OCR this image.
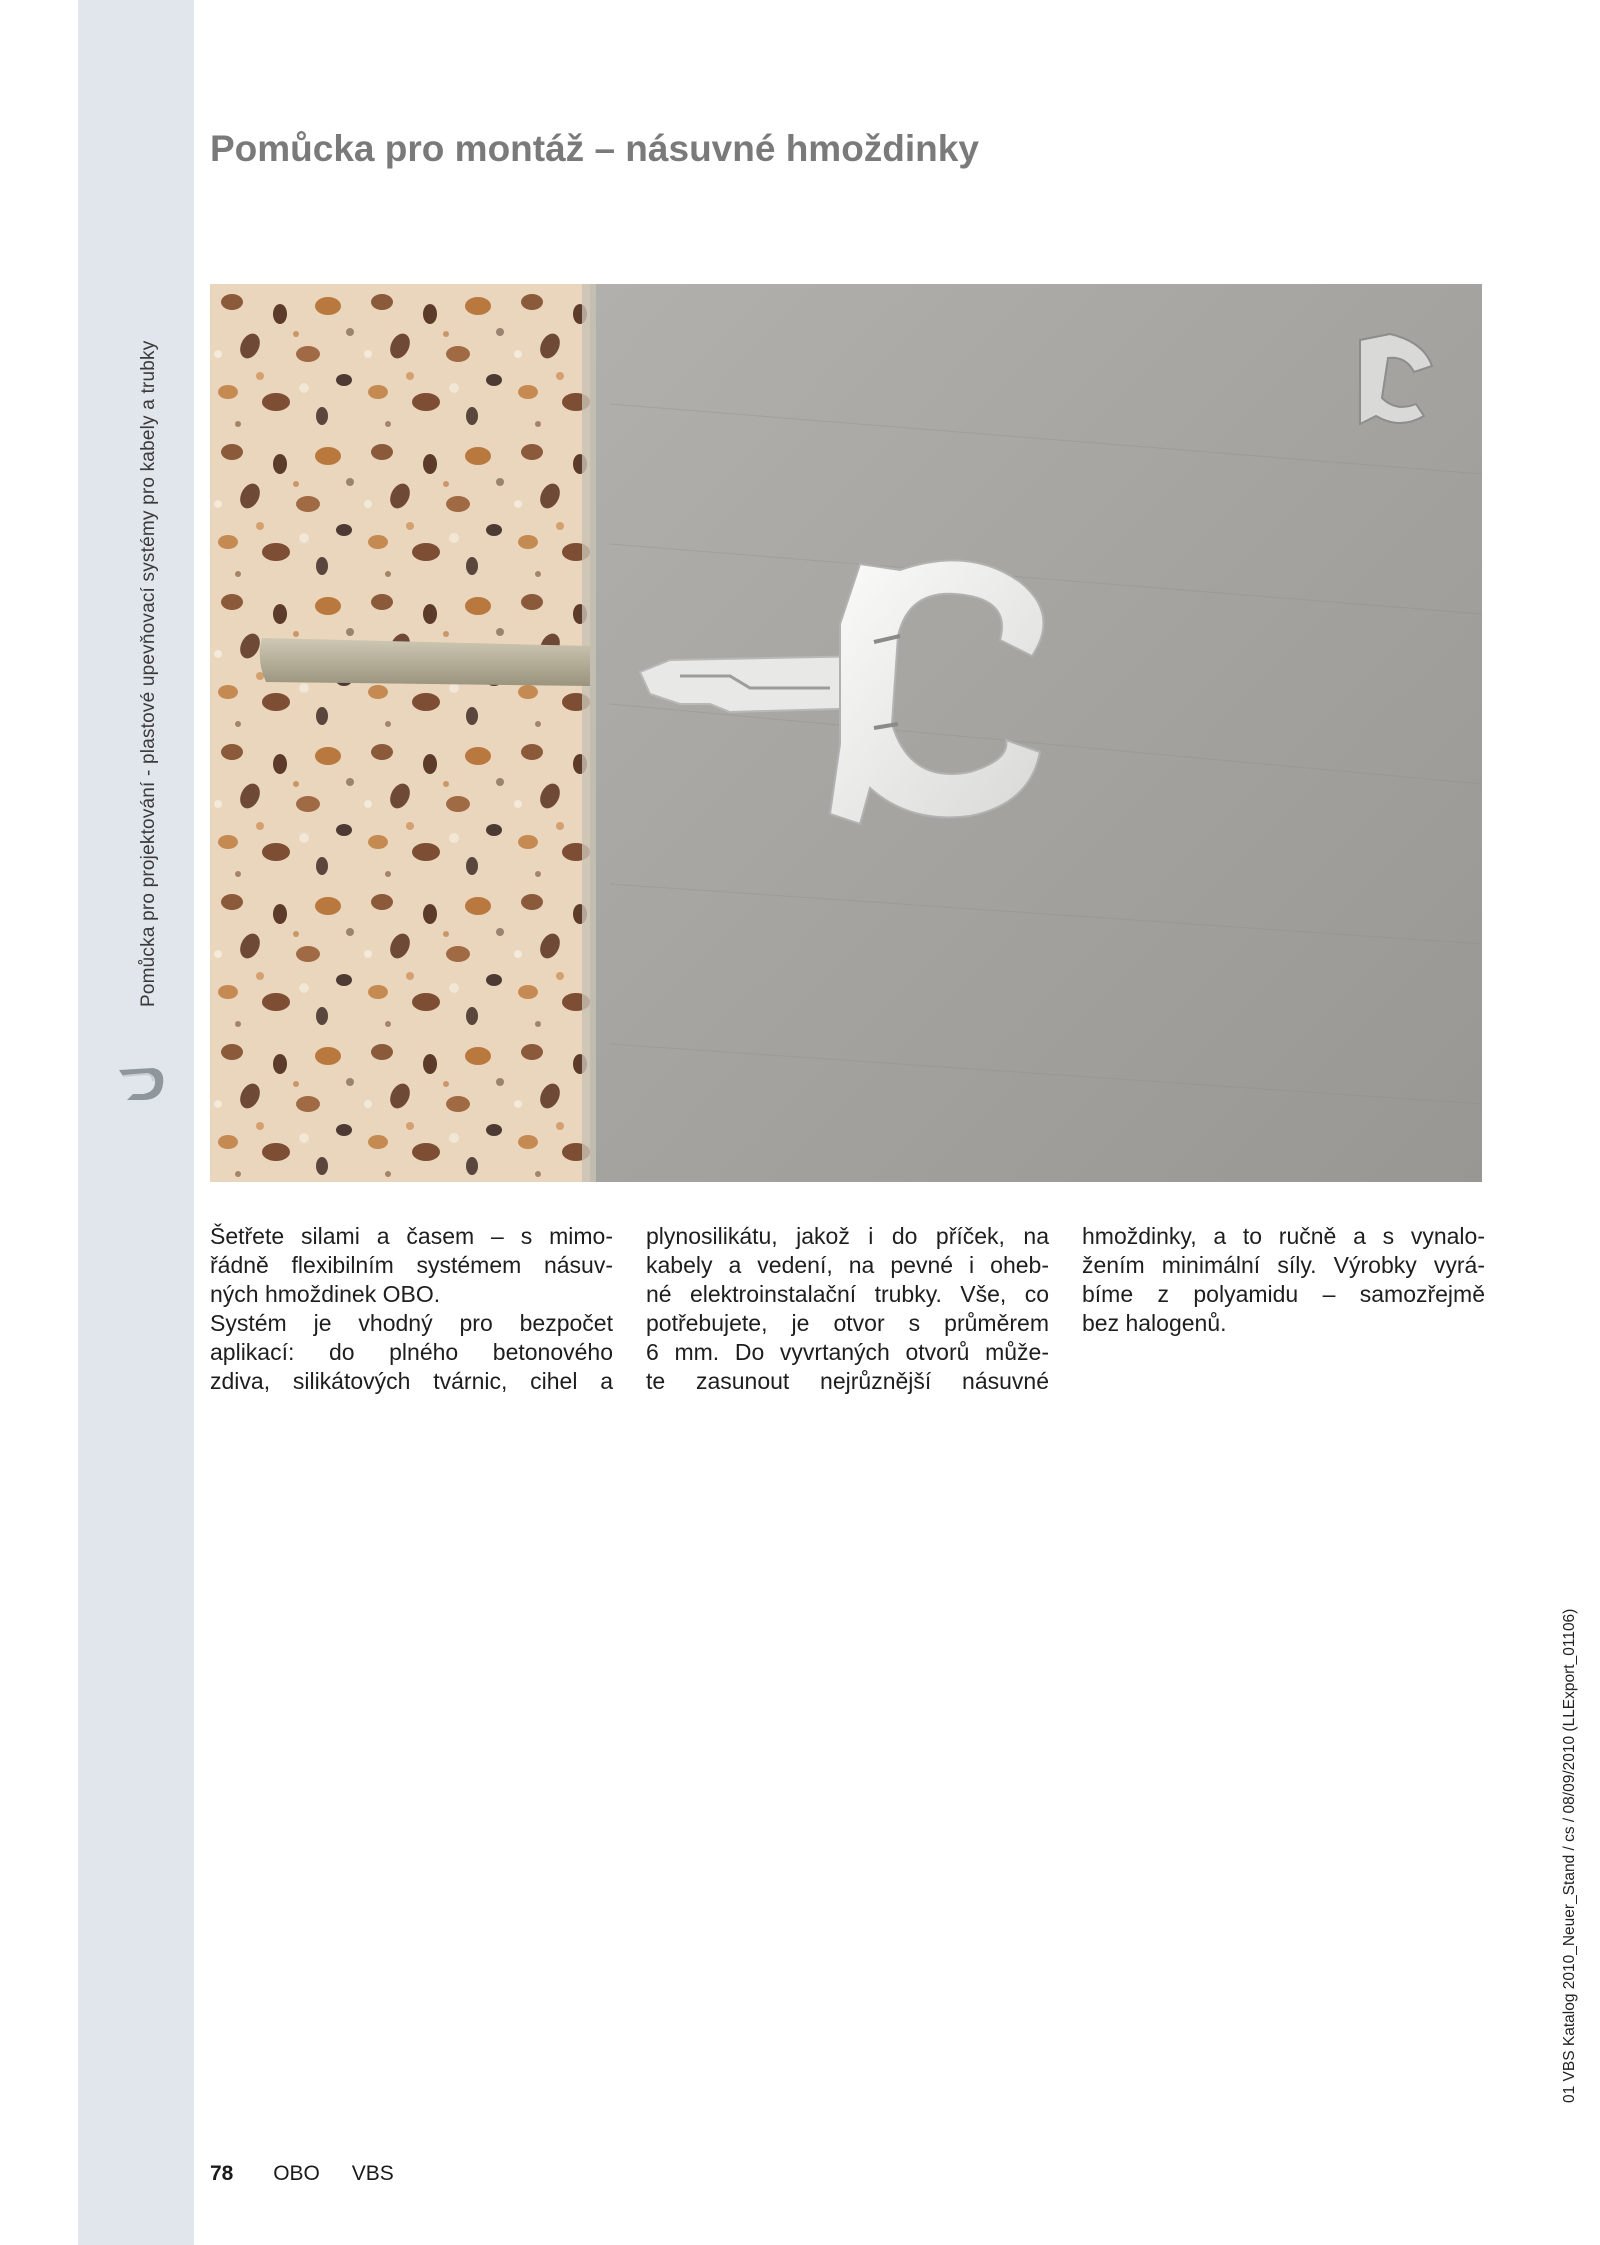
Pomůcka pro projektování - plastové upevňovací systémy pro kabely a trubky
Pomůcka pro montáž – násuvné hmoždinky

Šetřete silami a časem – s mimo-
řádně flexibilním systémem násuv-
ných hmoždinek OBO.
Systém je vhodný pro bezpočet
aplikací: do plného betonového
zdiva, silikátových tvárnic, cihel a

plynosilikátu, jakož i do příček, na
kabely a vedení, na pevné i oheb-
né elektroinstalační trubky. Vše, co
potřebujete, je otvor s průměrem
6 mm. Do vyvrtaných otvorů může-
te zasunout nejrůznější násuvné

hmoždinky, a to ručně a s vynalo-
žením minimální síly. Výrobky vyrá-
bíme z polyamidu – samozřejmě
bez halogenů.

78 OBO VBS
01 VBS Katalog 2010_Neuer_Stand / cs / 08/09/2010 (LLExport_01106)
